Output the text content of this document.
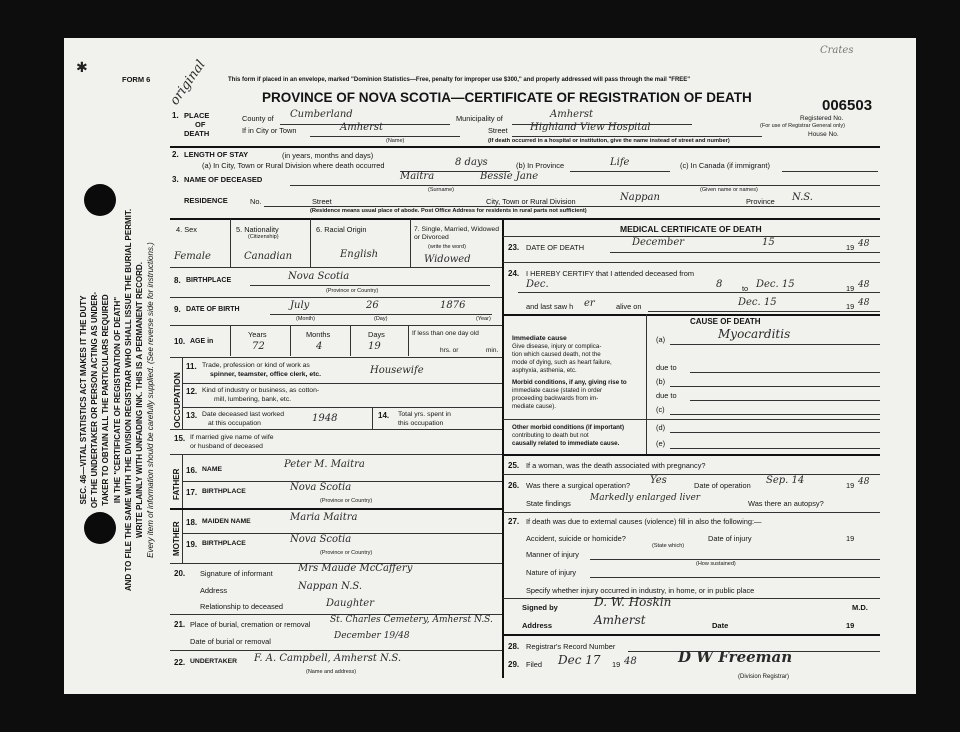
Crates
original
✱
SEC. 46—VITAL STATISTICS ACT MAKES IT THE DUTY OF THE UNDERTAKER OR PERSON ACTING AS UNDER- TAKER TO OBTAIN ALL THE PARTICULARS REQUIRED IN THE "CERTIFICATE OF REGISTRATION OF DEATH" AND TO FILE THE SAME WITH THE DIVISION REGISTRAR WHO SHALL ISSUE THE BURIAL PERMIT. WRITE PLAINLY WITH UNFADING INK. THIS IS A PERMANENT RECORD. Every item of information should be carefully supplied. (See reverse side for instructions.)
FORM 6	This form if placed in an envelope, marked "Dominion Statistics—Free, penalty for improper use $300," and properly addressed will pass through the mail "FREE"
PROVINCE OF NOVA SCOTIA—CERTIFICATE OF REGISTRATION OF DEATH	006503
Registered No.
(For use of Registrar General only)
House No.
1. PLACE
OF
DEATH
County of Cumberland	Municipality of	Amherst
If in City or Town	Amherst
(Name)
Street Highland View Hospital
(If death occurred in a hospital or institution, give the name instead of street and number)
2. LENGTH OF STAY	(in years, months and days)
(a) In City, Town or Rural Division where death occurred	8 days	(b) In Province	Life	(c) In Canada (if immigrant)
3. NAME OF DECEASED	Maitra	Bessie Jane
(Surname)	(Given name or names)
RESIDENCE	No.	Street	City, Town or Rural Division	Nappan	Province N.S.
(Residence means usual place of abode. Post Office Address for residents in rural parts not sufficient)
4. Sex
Female
5. Nationality
(Citizenship)
Canadian
6. Racial Origin
English
7. Single, Married, Widowed or Divorced
(write the word)
Widowed
8. BIRTHPLACE	Nova Scotia
(Province or Country)
9. DATE OF BIRTH	July	26	1876
(Month)	(Day)	(Year)
10. AGE in
Years	Months	Days
72	4	19
If less than one day old
hrs. or	min.
OCCUPATION
11. Trade, profession or kind of work as
spinner, teamster, office clerk, etc.	Housewife
12. Kind of industry or business, as cotton-
mill, lumbering, bank, etc.
13. Date deceased last worked
at this occupation	1948	14. Total yrs. spent in
this occupation
15. If married give name of wife
or husband of deceased
FATHER
MOTHER
16. NAME	Peter M. Maitra
17. BIRTHPLACE	Nova Scotia
(Province or Country)
18. MAIDEN NAME	Maria Maitra
19. BIRTHPLACE	Nova Scotia
(Province or Country)
20. Signature of informant	Mrs Maude McCaffery
Address	Nappan N.S.
Relationship to deceased	Daughter
21. Place of burial, cremation or removal St. Charles Cemetery, Amherst N.S.
Date of burial or removal
December 19/48
22. UNDERTAKER F. A. Campbell, Amherst N.S.
(Name and address)
MEDICAL CERTIFICATE OF DEATH
23. DATE OF DEATH	December	15	19 48
24. I HEREBY CERTIFY that I attended deceased from
Dec.	8	to Dec. 15	19 48
and last saw h er	alive on	Dec. 15	19 48
CAUSE OF DEATH
Immediate cause
Give disease, injury or complica-
tion which caused death, not the
mode of dying, such as heart failure,
asphyxia, asthenia, etc.
(a)	Myocarditis
due to
(b)
due to
(c)
Morbid conditions, if any, giving rise to
immediate cause (stated in order
proceeding backwards from im-
mediate cause).
Other morbid conditions (if important)
contributing to death but not
causally related to immediate cause.
(d)
(e)
25. If a woman, was the death associated with pregnancy?
26. Was there a surgical operation? Yes	Date of operation Sep. 14	19 48
State findings
Markedly enlarged liver
Was there an autopsy?
27. If death was due to external causes (violence) fill in also the following:—
Accident, suicide or homicide?	Date of injury	19
(State which)
Manner of injury
(How sustained)
Nature of injury
Specify whether injury occurred in industry, in home, or in public place
Signed by	D. W. Hoskin	M.D.
Address	Amherst	Date	19
28. Registrar's Record Number
29. Filed Dec 17 19 48	D W Freeman
(Division Registrar)
